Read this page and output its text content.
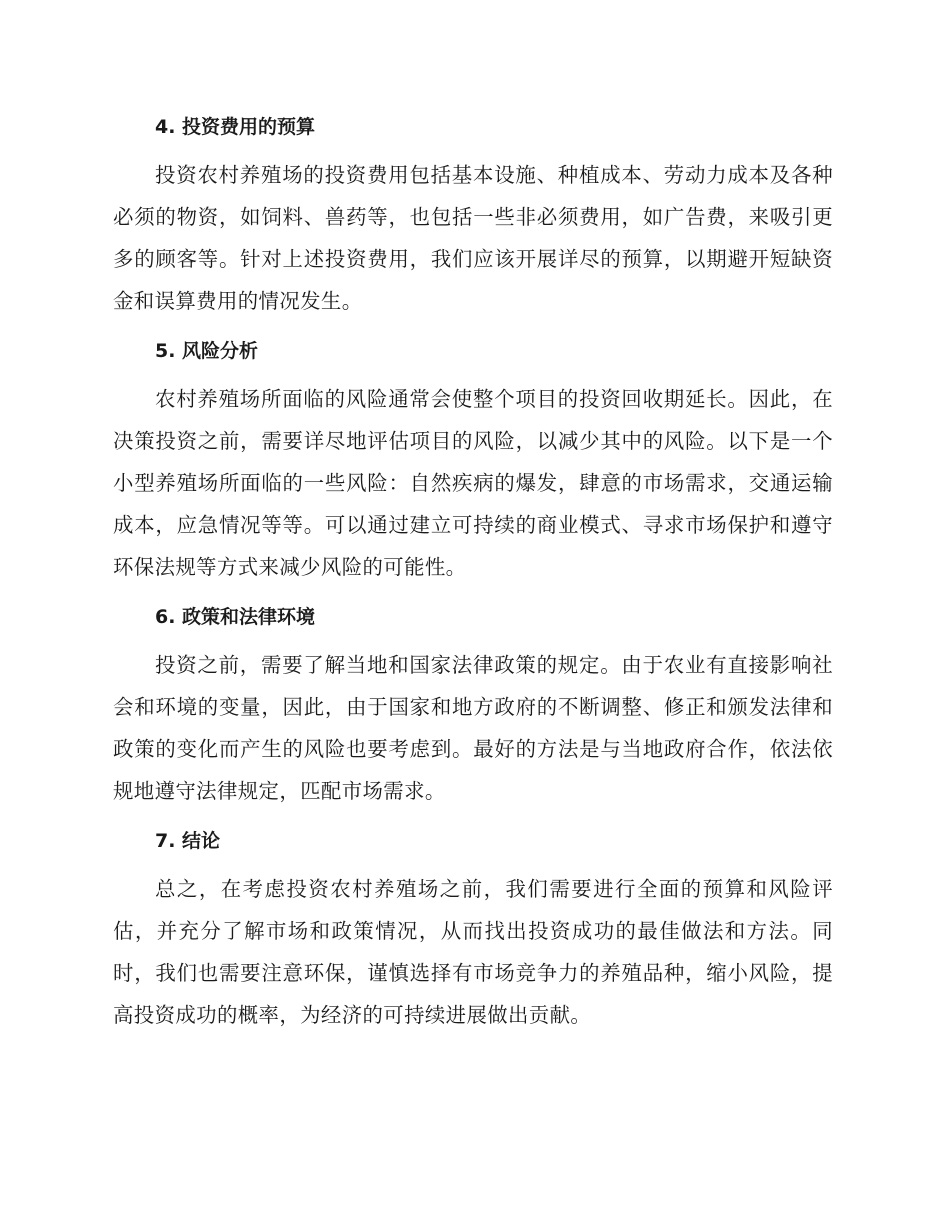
4. 投资费用的预算

投资农村养殖场的投资费用包括基本设施、种植成本、劳动力成本及各种必须的物资，如饲料、兽药等，也包括一些非必须费用，如广告费，来吸引更多的顾客等。针对上述投资费用，我们应该开展详尽的预算，以期避开短缺资金和误算费用的情况发生。

5. 风险分析

农村养殖场所面临的风险通常会使整个项目的投资回收期延长。因此，在决策投资之前，需要详尽地评估项目的风险，以减少其中的风险。以下是一个小型养殖场所面临的一些风险：自然疾病的爆发，肆意的市场需求，交通运输成本，应急情况等等。可以通过建立可持续的商业模式、寻求市场保护和遵守环保法规等方式来减少风险的可能性。

6. 政策和法律环境

投资之前，需要了解当地和国家法律政策的规定。由于农业有直接影响社会和环境的变量，因此，由于国家和地方政府的不断调整、修正和颁发法律和政策的变化而产生的风险也要考虑到。最好的方法是与当地政府合作，依法依规地遵守法律规定，匹配市场需求。

7. 结论

总之，在考虑投资农村养殖场之前，我们需要进行全面的预算和风险评估，并充分了解市场和政策情况，从而找出投资成功的最佳做法和方法。同时，我们也需要注意环保，谨慎选择有市场竞争力的养殖品种，缩小风险，提高投资成功的概率，为经济的可持续进展做出贡献。
